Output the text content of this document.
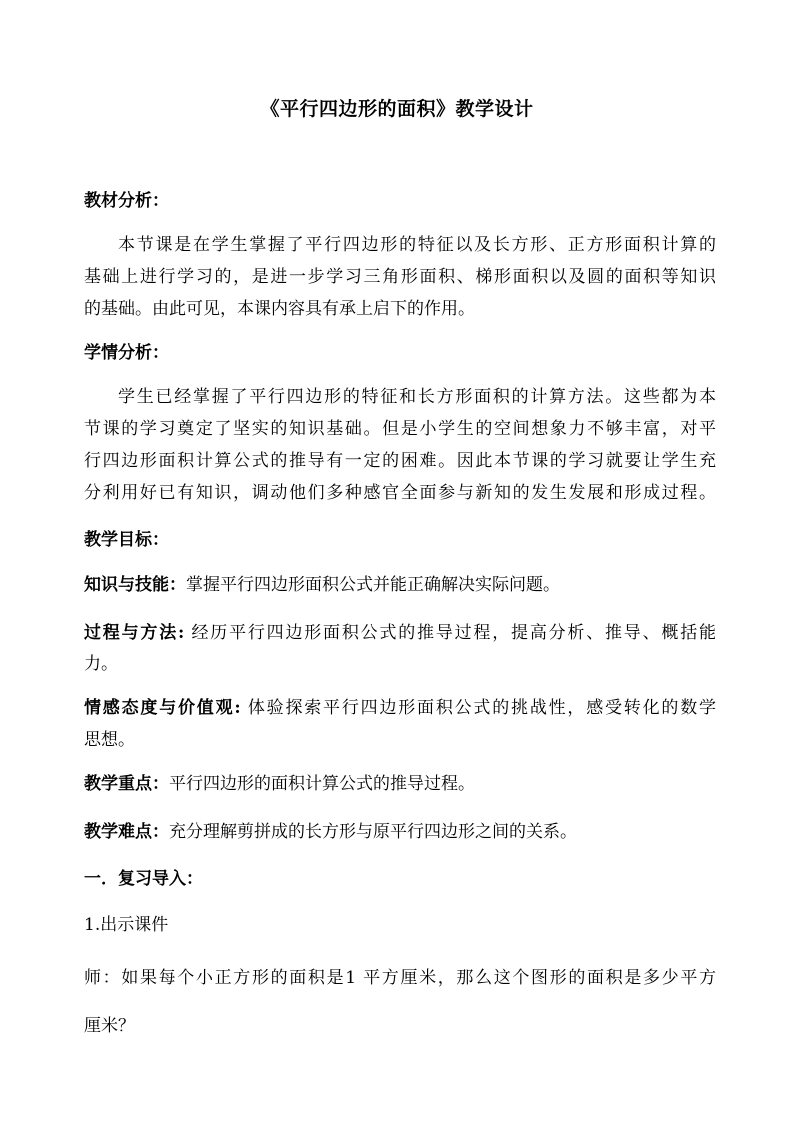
《平行四边形的面积》教学设计
教材分析：
本节课是在学生掌握了平行四边形的特征以及长方形、正方形面积计算的
基础上进行学习的，是进一步学习三角形面积、梯形面积以及圆的面积等知识
的基础。由此可见，本课内容具有承上启下的作用。
学情分析：
学生已经掌握了平行四边形的特征和长方形面积的计算方法。这些都为本
节课的学习奠定了坚实的知识基础。但是小学生的空间想象力不够丰富，对平
行四边形面积计算公式的推导有一定的困难。因此本节课的学习就要让学生充
分利用好已有知识，调动他们多种感官全面参与新知的发生发展和形成过程。
教学目标：
知识与技能：掌握平行四边形面积公式并能正确解决实际问题。
过程与方法: 经历平行四边形面积公式的推导过程，提高分析、推导、概括能
力。
情感态度与价值观: 体验探索平行四边形面积公式的挑战性，感受转化的数学
思想。
教学重点：平行四边形的面积计算公式的推导过程。
教学难点：充分理解剪拼成的长方形与原平行四边形之间的关系。
一．复习导入：
1.出示课件
师：如果每个小正方形的面积是1 平方厘米，那么这个图形的面积是多少平方
厘米？
